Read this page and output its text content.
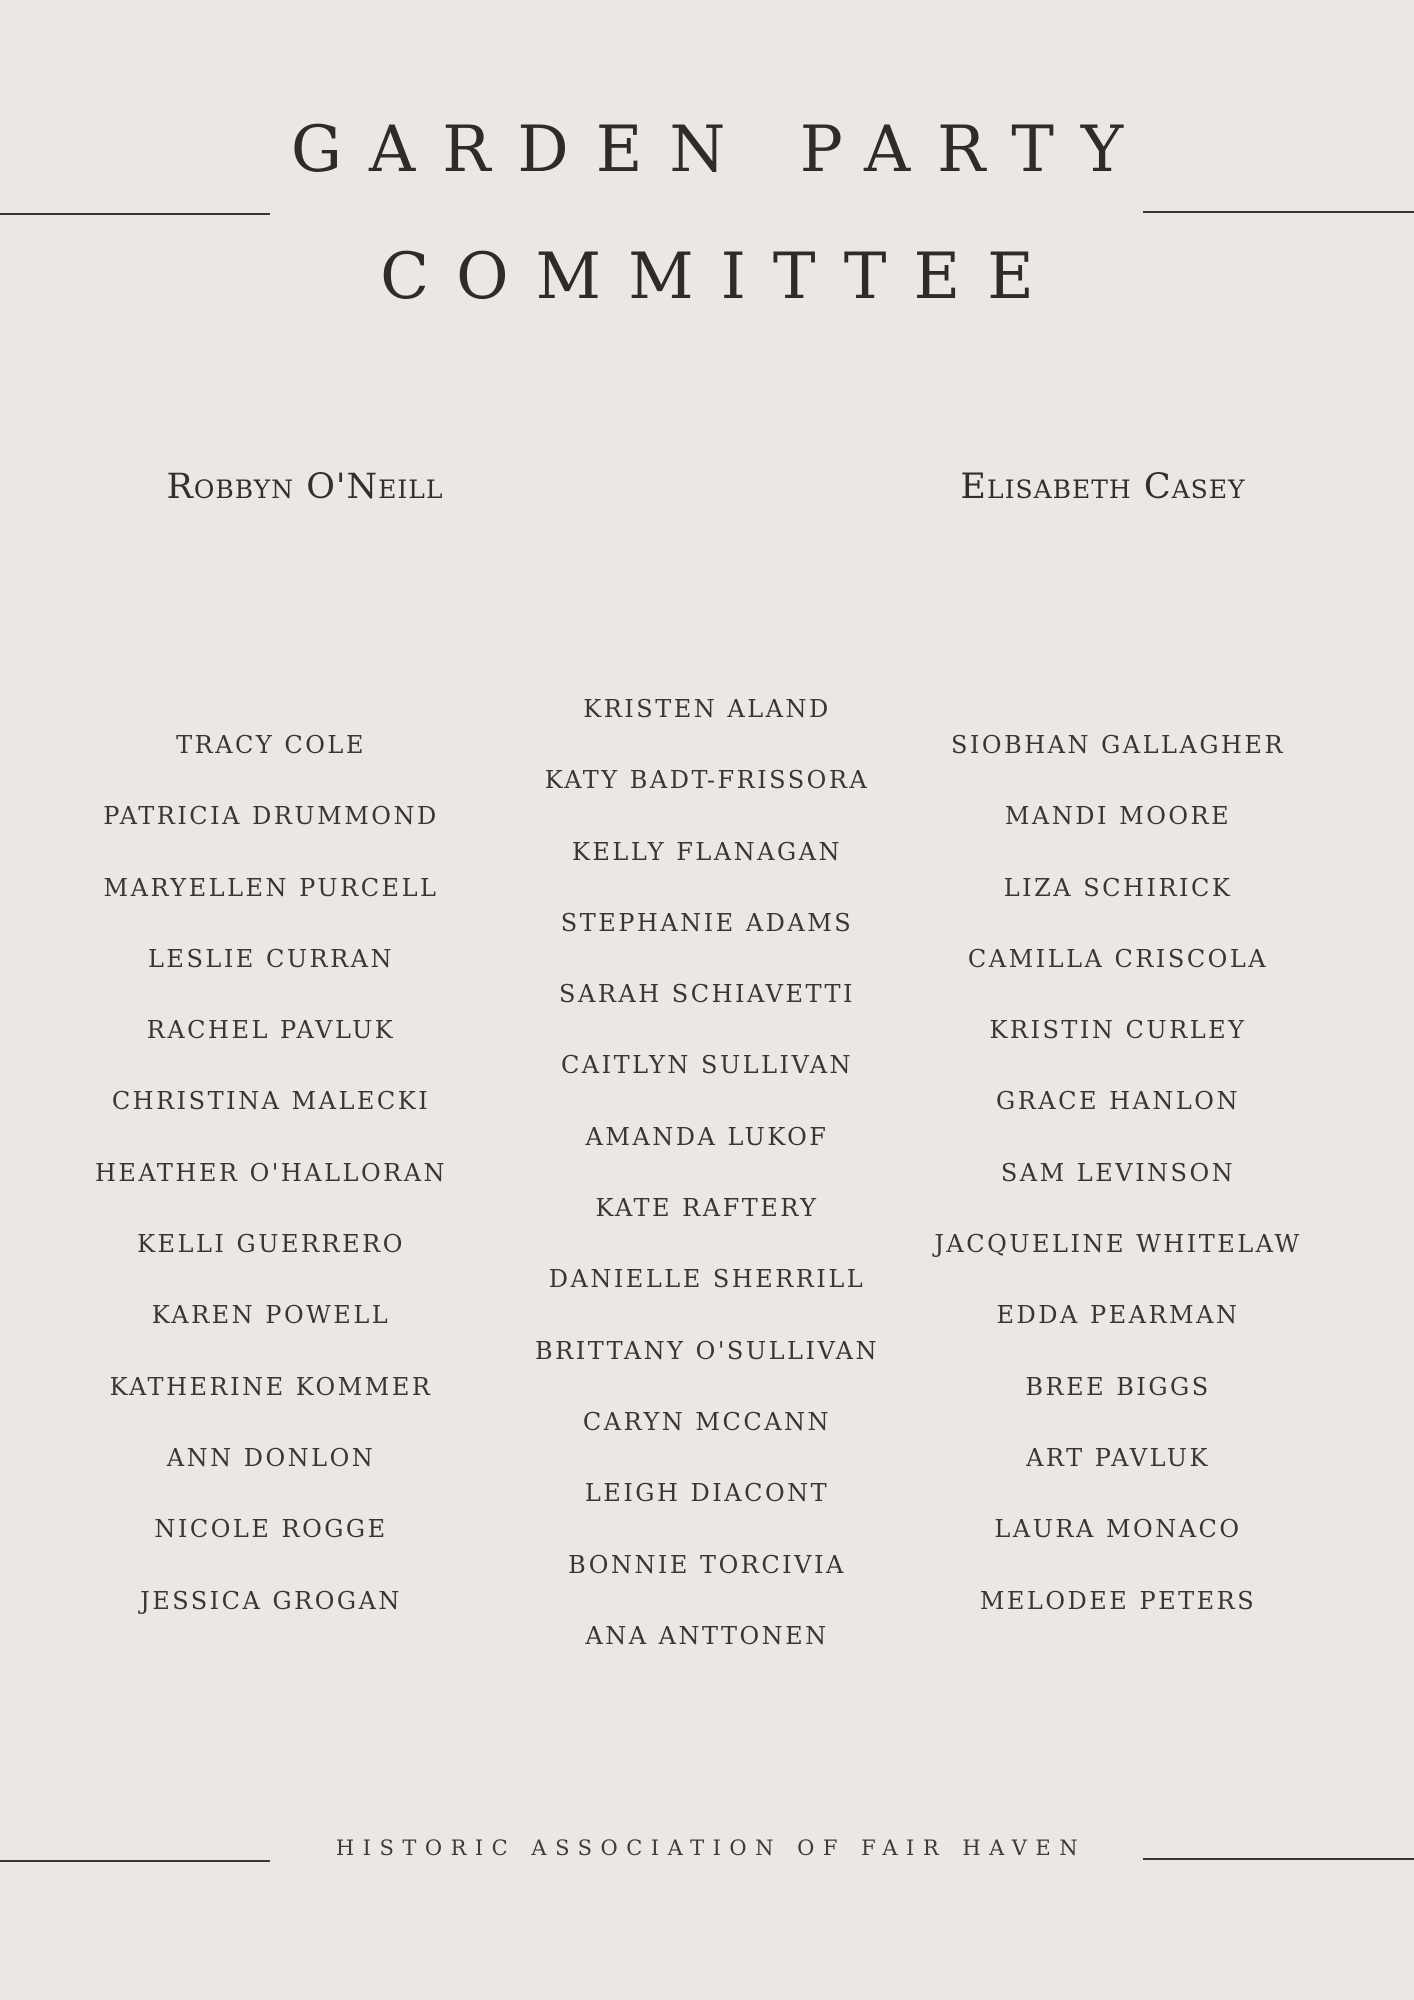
GARDEN PARTY
COMMITTEE
Robbyn O'Neill	Elisabeth Casey
TRACY COLE
PATRICIA DRUMMOND
MARYELLEN PURCELL
LESLIE CURRAN
RACHEL PAVLUK
CHRISTINA MALECKI
HEATHER O'HALLORAN
KELLI GUERRERO
KAREN POWELL
KATHERINE KOMMER
ANN DONLON
NICOLE ROGGE
JESSICA GROGAN
KRISTEN ALAND
KATY BADT-FRISSORA
KELLY FLANAGAN
STEPHANIE ADAMS
SARAH SCHIAVETTI
CAITLYN SULLIVAN
AMANDA LUKOF
KATE RAFTERY
DANIELLE SHERRILL
BRITTANY O'SULLIVAN
CARYN MCCANN
LEIGH DIACONT
BONNIE TORCIVIA
ANA ANTTONEN
SIOBHAN GALLAGHER
MANDI MOORE
LIZA SCHIRICK
CAMILLA CRISCOLA
KRISTIN CURLEY
GRACE HANLON
SAM LEVINSON
JACQUELINE WHITELAW
EDDA PEARMAN
BREE BIGGS
ART PAVLUK
LAURA MONACO
MELODEE PETERS
HISTORIC ASSOCIATION OF FAIR HAVEN
